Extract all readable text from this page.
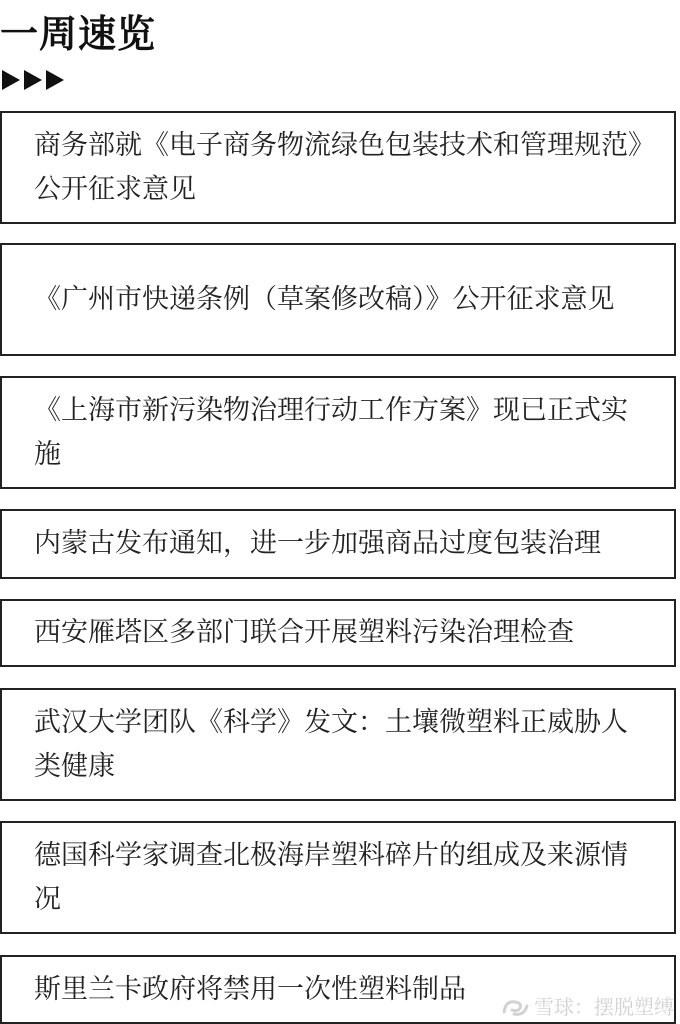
一周速览
商务部就《电子商务物流绿色包装技术和管理规范》公开征求意见
《广州市快递条例（草案修改稿）》公开征求意见
《上海市新污染物治理行动工作方案》现已正式实施
内蒙古发布通知，进一步加强商品过度包装治理
西安雁塔区多部门联合开展塑料污染治理检查
武汉大学团队《科学》发文：土壤微塑料正威胁人类健康
德国科学家调查北极海岸塑料碎片的组成及来源情况
斯里兰卡政府将禁用一次性塑料制品
雪球：摆脱塑缚
